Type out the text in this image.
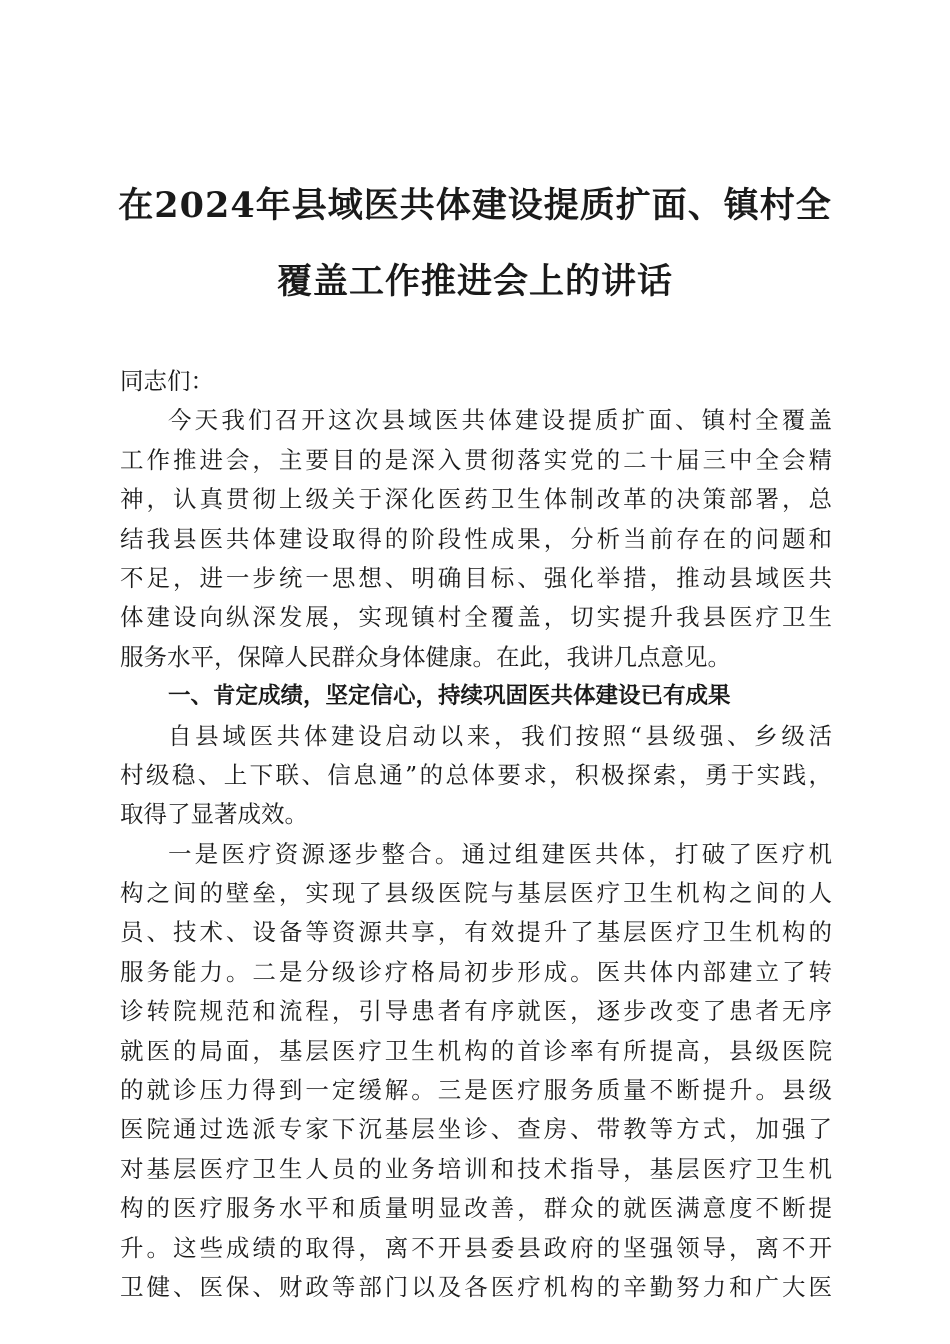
在2024年县域医共体建设提质扩面、镇村全
覆盖工作推进会上的讲话

同志们：

今天我们召开这次县域医共体建设提质扩面、镇村全覆盖

工作推进会，主要目的是深入贯彻落实党的二十届三中全会精

神，认真贯彻上级关于深化医药卫生体制改革的决策部署，总

结我县医共体建设取得的阶段性成果，分析当前存在的问题和

不足，进一步统一思想、明确目标、强化举措，推动县域医共

体建设向纵深发展，实现镇村全覆盖，切实提升我县医疗卫生

服务水平，保障人民群众身体健康。在此，我讲几点意见。

一、肯定成绩，坚定信心，持续巩固医共体建设已有成果

自县域医共体建设启动以来，我们按照“县级强、乡级活

村级稳、上下联、信息通”的总体要求，积极探索，勇于实践，

取得了显著成效。

一是医疗资源逐步整合。通过组建医共体，打破了医疗机

构之间的壁垒，实现了县级医院与基层医疗卫生机构之间的人

员、技术、设备等资源共享，有效提升了基层医疗卫生机构的

服务能力。二是分级诊疗格局初步形成。医共体内部建立了转

诊转院规范和流程，引导患者有序就医，逐步改变了患者无序

就医的局面，基层医疗卫生机构的首诊率有所提高，县级医院

的就诊压力得到一定缓解。三是医疗服务质量不断提升。县级

医院通过选派专家下沉基层坐诊、查房、带教等方式，加强了

对基层医疗卫生人员的业务培训和技术指导，基层医疗卫生机

构的医疗服务水平和质量明显改善，群众的就医满意度不断提

升。这些成绩的取得，离不开县委县政府的坚强领导，离不开

卫健、医保、财政等部门以及各医疗机构的辛勤努力和广大医
